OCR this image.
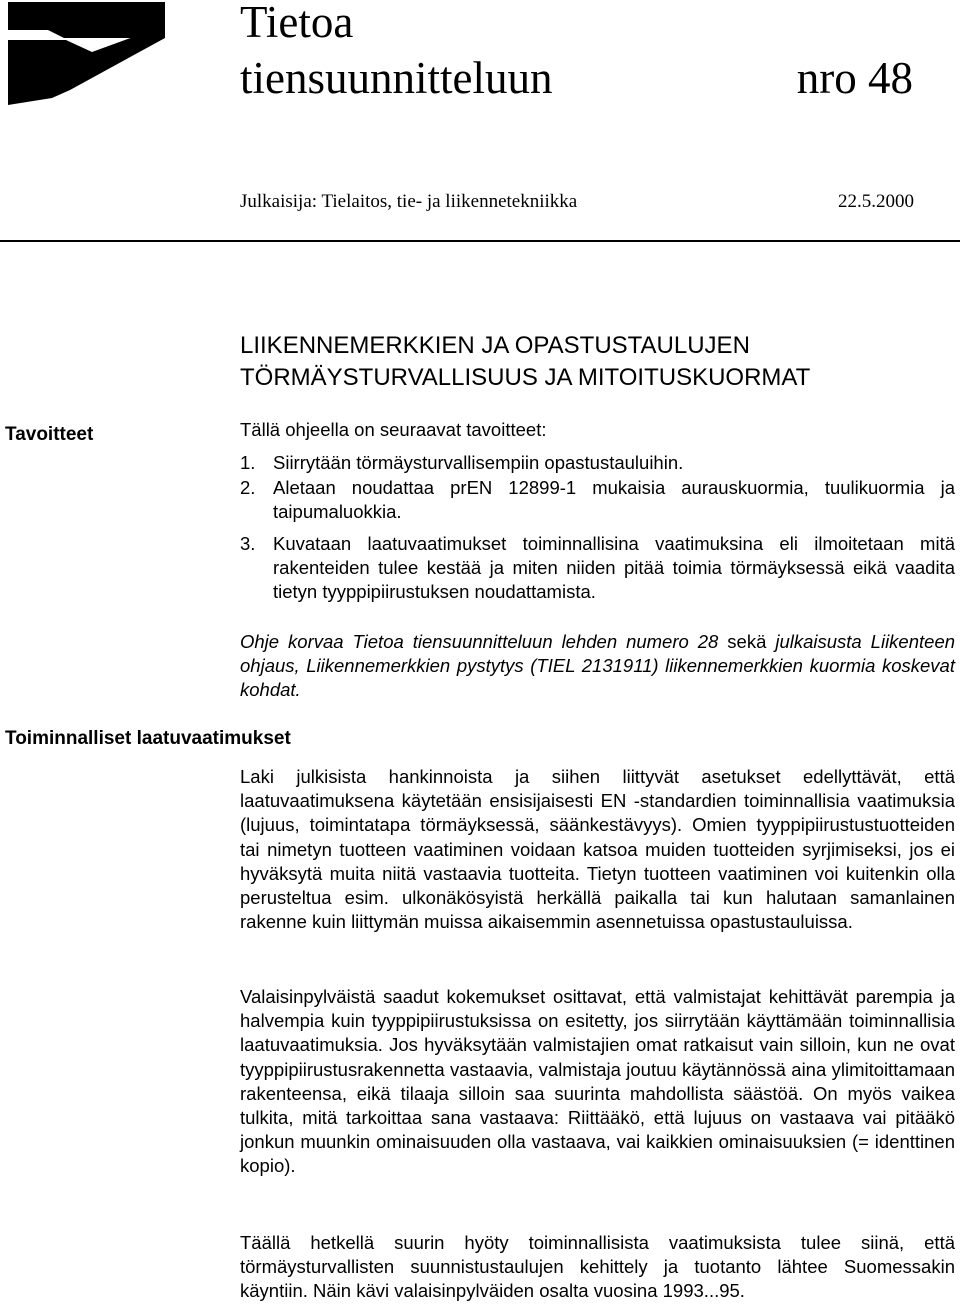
Tietoa
tiensuunnitteluun	nro 48
Julkaisija: Tielaitos, tie- ja liikennetekniikka	22.5.2000
LIIKENNEMERKKIEN JA OPASTUSTAULUJEN
TÖRMÄYSTURVALLISUUS JA MITOITUSKUORMAT
Tavoitteet
Toiminnalliset laatuvaatimukset
Tällä ohjeella on seuraavat tavoitteet:
1. Siirrytään törmäysturvallisempiin opastustauluihin.
2. Aletaan noudattaa prEN 12899-1 mukaisia aurauskuormia, tuulikuormia ja taipumaluokkia.
3. Kuvataan laatuvaatimukset toiminnallisina vaatimuksina eli ilmoitetaan mitä rakenteiden tulee kestää ja miten niiden pitää toimia törmäyksessä eikä vaadita tietyn tyyppipiirustuksen noudattamista.
Ohje korvaa Tietoa tiensuunnitteluun lehden numero 28 sekä julkaisusta Liikenteen ohjaus, Liikennemerkkien pystytys (TIEL 2131911) liikennemerkkien kuormia koskevat kohdat.
Laki julkisista hankinnoista ja siihen liittyvät asetukset edellyttävät, että laatuvaatimuksena käytetään ensisijaisesti EN -standardien toiminnallisia vaatimuksia (lujuus, toimintatapa törmäyksessä, säänkestävyys). Omien tyyppipiirustustuotteiden tai nimetyn tuotteen vaatiminen voidaan katsoa muiden tuotteiden syrjimiseksi, jos ei hyväksytä muita niitä vastaavia tuotteita. Tietyn tuotteen vaatiminen voi kuitenkin olla perusteltua esim. ulkonäkösyistä herkällä paikalla tai kun halutaan samanlainen rakenne kuin liittymän muissa aikaisemmin asennetuissa opastustauluissa.
Valaisinpylväistä saadut kokemukset osittavat, että valmistajat kehittävät parempia ja halvempia kuin tyyppipiirustuksissa on esitetty, jos siirrytään käyttämään toiminnallisia laatuvaatimuksia. Jos hyväksytään valmistajien omat ratkaisut vain silloin, kun ne ovat tyyppipiirustusrakennetta vastaavia, valmistaja joutuu käytännössä aina ylimitoittamaan rakenteensa, eikä tilaaja silloin saa suurinta mahdollista säästöä. On myös vaikea tulkita, mitä tarkoittaa sana vastaava: Riittääkö, että lujuus on vastaava vai pitääkö jonkun muunkin ominaisuuden olla vastaava, vai kaikkien ominaisuuksien (= identtinen kopio).
Täällä hetkellä suurin hyöty toiminnallisista vaatimuksista tulee siinä, että törmäysturvallisten suunnistustaulujen kehittely ja tuotanto lähtee Suomessakin käyntiin. Näin kävi valaisinpylväiden osalta vuosina 1993...95.
